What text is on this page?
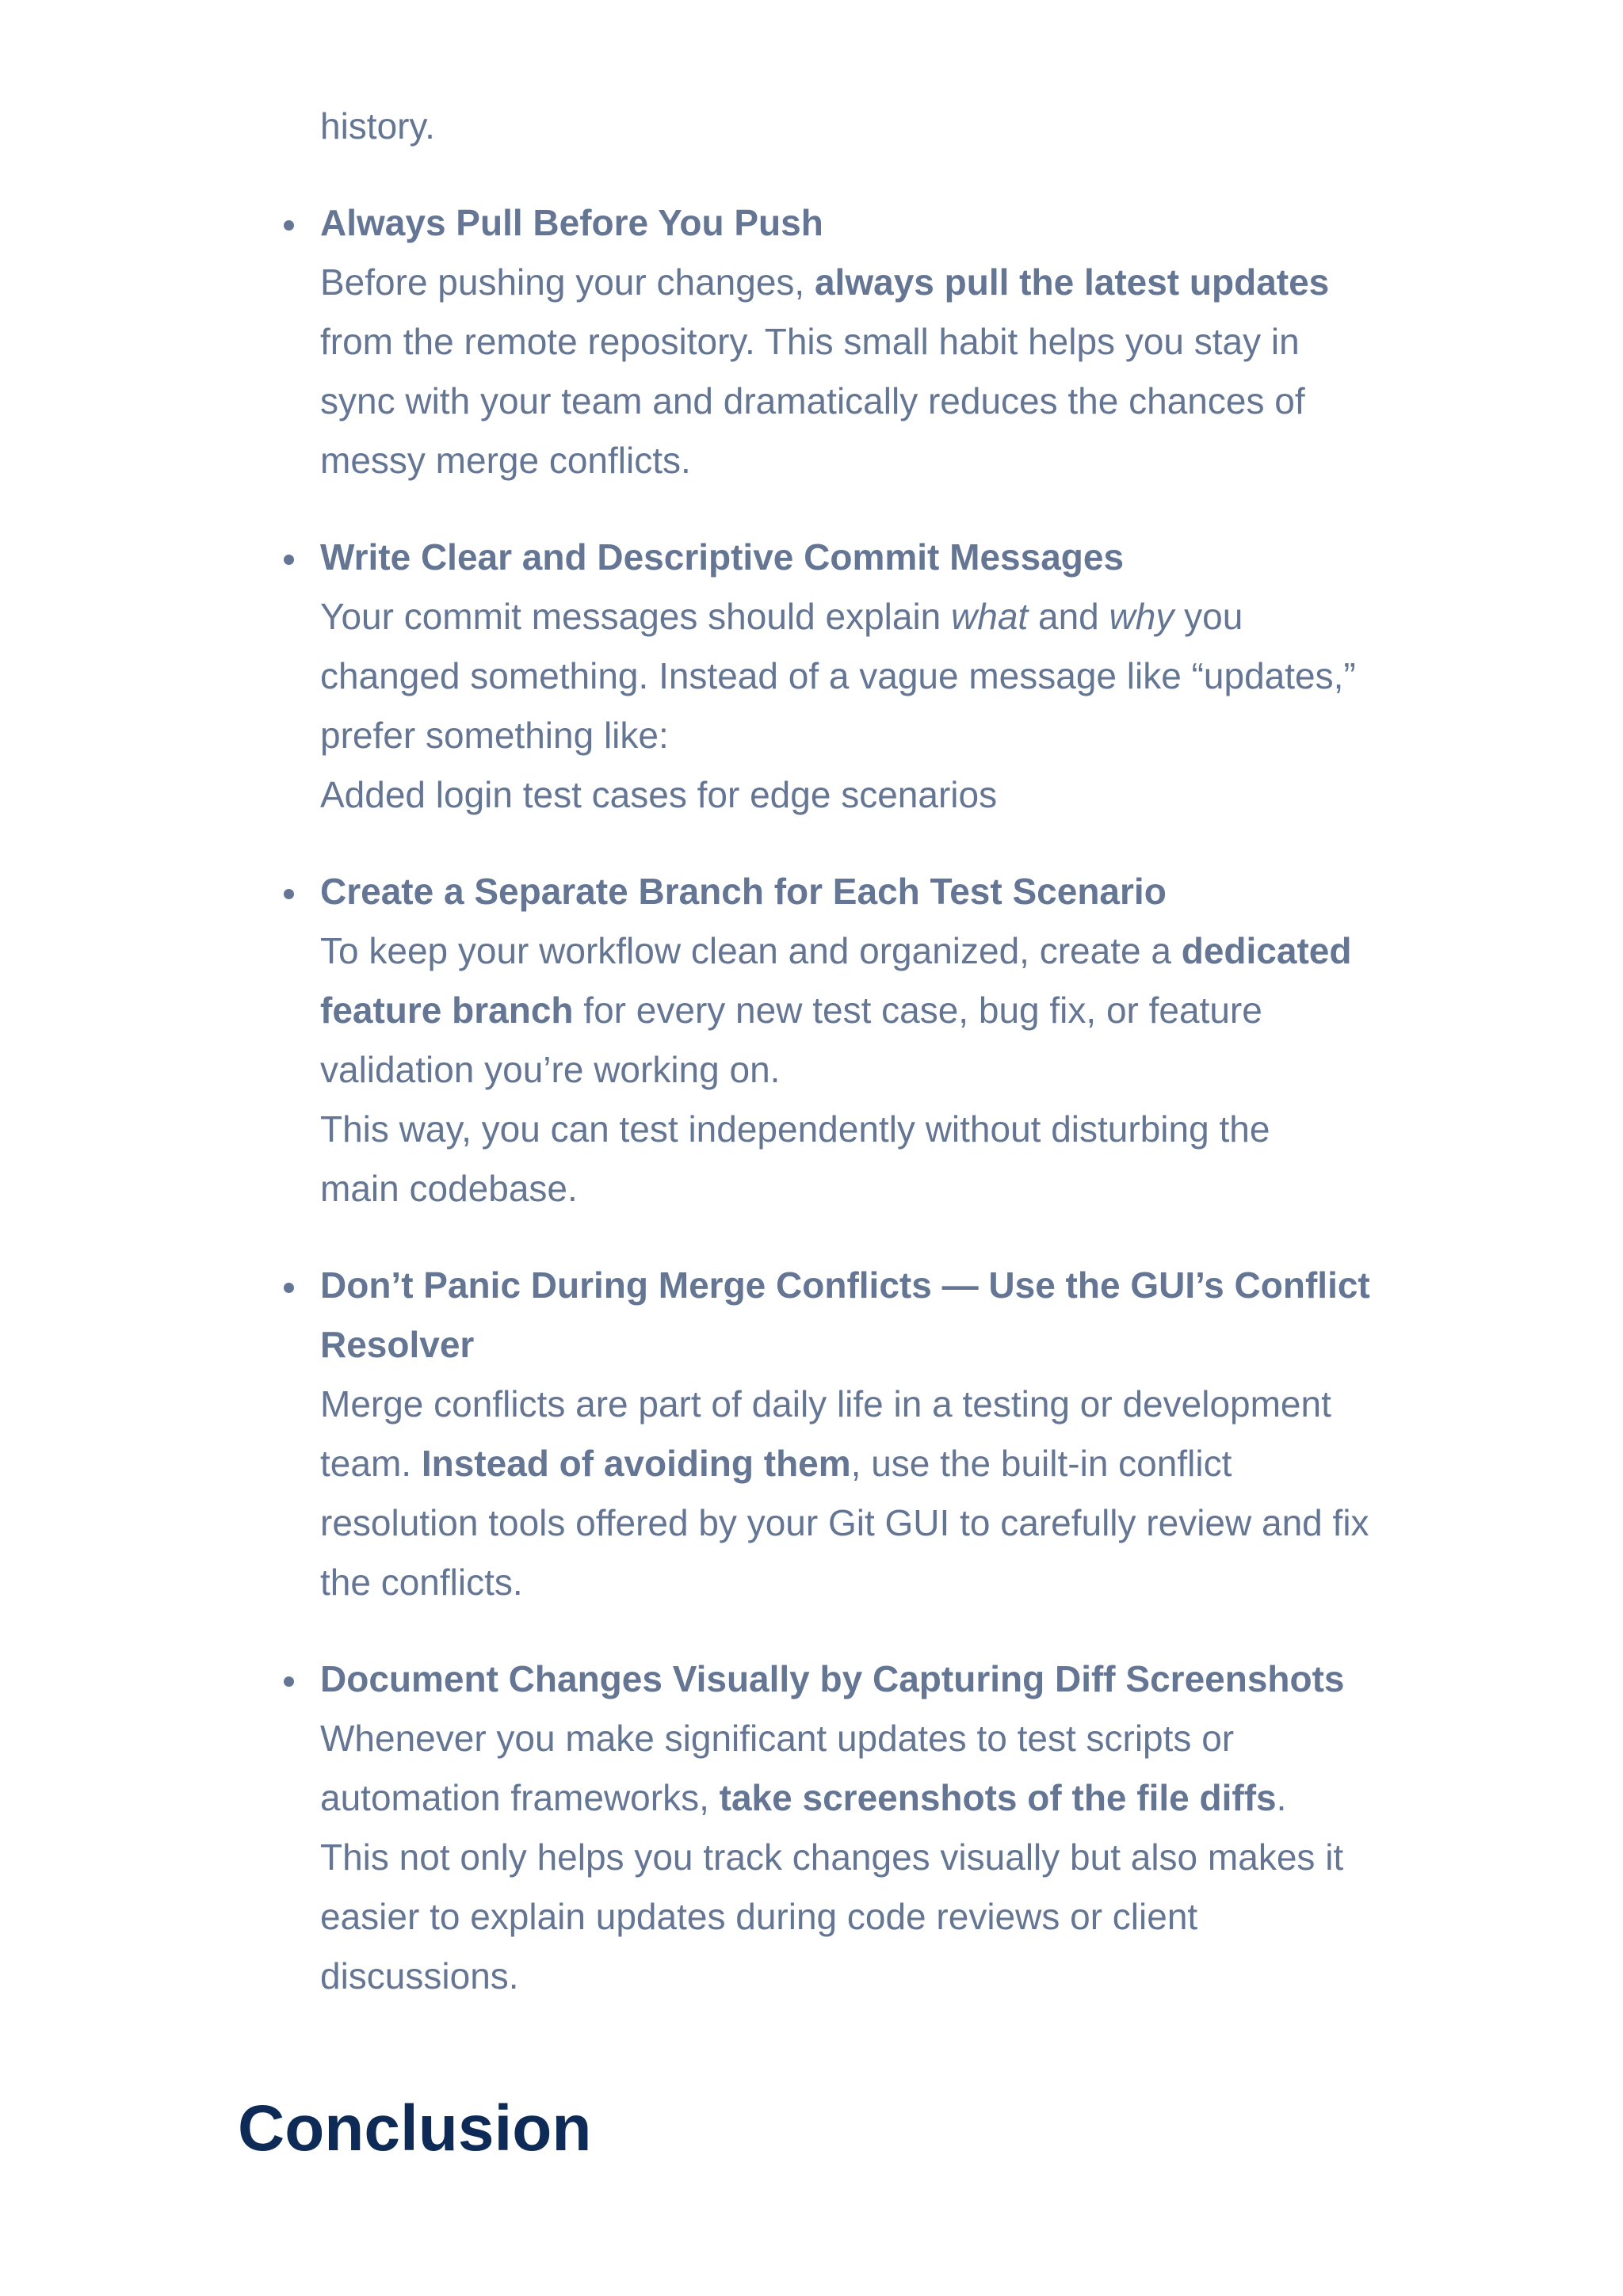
history.

Always Pull Before You Push
Before pushing your changes, always pull the latest updates
from the remote repository. This small habit helps you stay in
sync with your team and dramatically reduces the chances of
messy merge conflicts.
Write Clear and Descriptive Commit Messages
Your commit messages should explain what and why you
changed something. Instead of a vague message like “updates,”
prefer something like:
Added login test cases for edge scenarios
Create a Separate Branch for Each Test Scenario
To keep your workflow clean and organized, create a dedicated
feature branch for every new test case, bug fix, or feature
validation you’re working on.
This way, you can test independently without disturbing the
main codebase.
Don’t Panic During Merge Conflicts — Use the GUI’s Conflict
Resolver
Merge conflicts are part of daily life in a testing or development
team. Instead of avoiding them, use the built-in conflict
resolution tools offered by your Git GUI to carefully review and fix
the conflicts.
Document Changes Visually by Capturing Diff Screenshots
Whenever you make significant updates to test scripts or
automation frameworks, take screenshots of the file diffs.
This not only helps you track changes visually but also makes it
easier to explain updates during code reviews or client
discussions.
Conclusion
